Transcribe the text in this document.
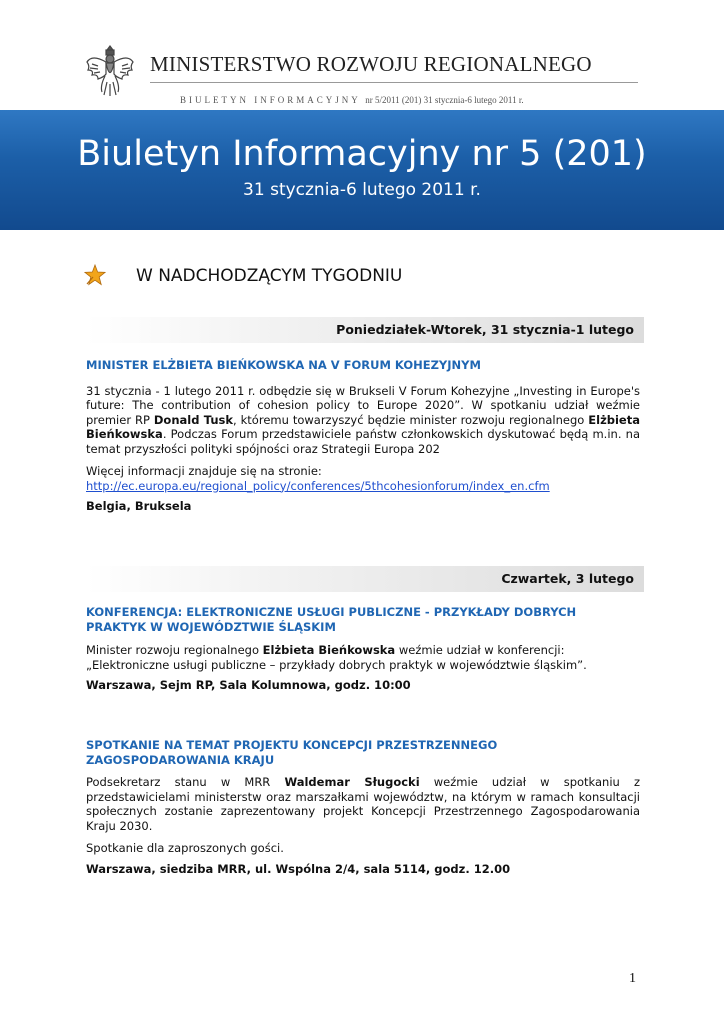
MINISTERSTWO ROZWOJU REGIONALNEGO
BIULETYN INFORMACYJNY nr 5/2011 (201) 31 stycznia-6 lutego 2011 r.
Biuletyn Informacyjny nr 5 (201)
31 stycznia-6 lutego 2011 r.
W NADCHODZĄCYM TYGODNIU
Poniedziałek-Wtorek, 31 stycznia-1 lutego
MINISTER ELŻBIETA BIEŃKOWSKA NA V FORUM KOHEZYJNYM

31 stycznia - 1 lutego 2011 r. odbędzie się w Brukseli V Forum Kohezyjne „Investing in Europe's future: The contribution of cohesion policy to Europe 2020”. W spotkaniu udział weźmie premier RP Donald Tusk, któremu towarzyszyć będzie minister rozwoju regionalnego Elżbieta Bieńkowska. Podczas Forum przedstawiciele państw członkowskich dyskutować będą m.in. na temat przyszłości polityki spójności oraz Strategii Europa 202

Więcej informacji znajduje się na stronie:
http://ec.europa.eu/regional_policy/conferences/5thcohesionforum/index_en.cfm
Belgia, Bruksela
Czwartek, 3 lutego
KONFERENCJA: ELEKTRONICZNE USŁUGI PUBLICZNE - PRZYKŁADY DOBRYCH PRAKTYK W WOJEWÓDZTWIE ŚLĄSKIM

Minister rozwoju regionalnego Elżbieta Bieńkowska weźmie udział w konferencji: „Elektroniczne usługi publiczne – przykłady dobrych praktyk w województwie śląskim”.

Warszawa, Sejm RP, Sala Kolumnowa, godz. 10:00
SPOTKANIE NA TEMAT PROJEKTU KONCEPCJI PRZESTRZENNEGO ZAGOSPODAROWANIA KRAJU

Podsekretarz stanu w MRR Waldemar Sługocki weźmie udział w spotkaniu z przedstawicielami ministerstw oraz marszałkami województw, na którym w ramach konsultacji społecznych zostanie zaprezentowany projekt Koncepcji Przestrzennego Zagospodarowania Kraju 2030.

Spotkanie dla zaproszonych gości.
Warszawa, siedziba MRR, ul. Wspólna 2/4, sala 5114, godz. 12.00
1
